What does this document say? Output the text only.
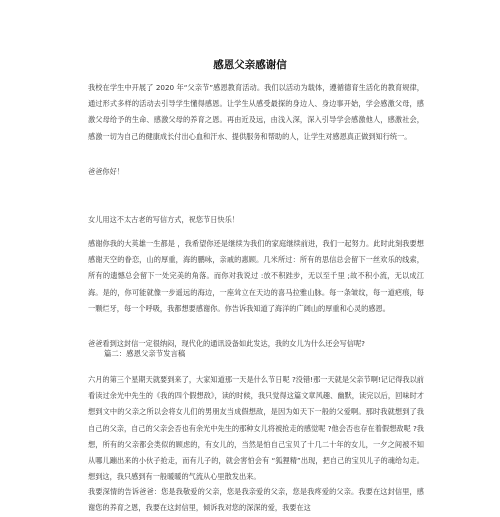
感恩父亲感谢信

我校在学生中开展了 2020 年“父亲节”感恩教育活动。我们以活动为载体，遵循德育生活化的教育规律，通过形式多样的活动去引导学生懂得感恩。让学生从感受最探的身边人、身边事开始，学会感激父母，感激父母给予的生命、感激父母的养育之恩。再由近及远，由浅入深，深入引导学会感激他人，感激社会，感激一切为自己的健康成长付出心血和汗水、提供服务和帮助的人，让学生对感恩真正做到知行统一。

爸爸你好！

女儿用这不太古老的写信方式，祝您节日快乐！

感谢你我的大英雄一生都是 ，我希望你还是继续为我们的家庭继续前进，我们一起努力。此时此刻我要想感谢天空的眷恋，山的厚重，海的鹏咏，亲戚的惠顾。几米所过：所有的思信总会留下一丝欢乐的线索，所有的遗憾总会留下一处完美的角落。而你对我说过 :放不积跬步，无以至千里 ;故不积小流，无以成江海。是的，你可能就像一步遥远的海边，一座耸立在天边的喜马拉雅山脉。每一条皱纹，每一道疤痕，每一颗烂牙，每一个呼吸，我都想要感谢你。你告诉我知道了海洋的广阔山的厚重和心灵的感恩。

爸爸看到这封信一定很纳闷，现代化的通讯设备如此发达，我的女儿为什么还会写信呢?

篇二：感恩父亲节发言稿

六月的第三个星期天就要到来了，大家知道那一天是什么节日呢 ?没错!那一天就是父亲节啊!记记得我以前看读过余光中先生的《我的四个假想敌》，读的时候，我只觉得这篇文章风趣、幽默，读完以后，回味时才想到文中的父亲之所以会将女儿们的男朋友当成假想敌，是因为如天下一般的父爱啊。那时我就想到了我自己的父亲，自己的父亲会否也有余光中先生的那种女儿将被抢走的感觉呢 ?他会否也存在着假想敌呢 ?我想，所有的父亲都会类似的顾虑的，有女儿的，当然是怕自己宝贝了十几二十年的女儿，一夕之间被不知从哪儿蹦出来的小伙子抢走，而有儿子的，就会害怕会有 “狐狸精”出现，把自己的宝贝儿子的魂给勾走。想到这，我只感到有一般暖暖的气流从心里散发出来。

我要深情的告诉爸爸：您是我敬爱的父亲，您是我亲爱的父亲，您是我疼爱的父亲。我要在这封信里，感谢您的养育之恩，我要在这封信里，倾诉我对您的深深的爱，我要在这
